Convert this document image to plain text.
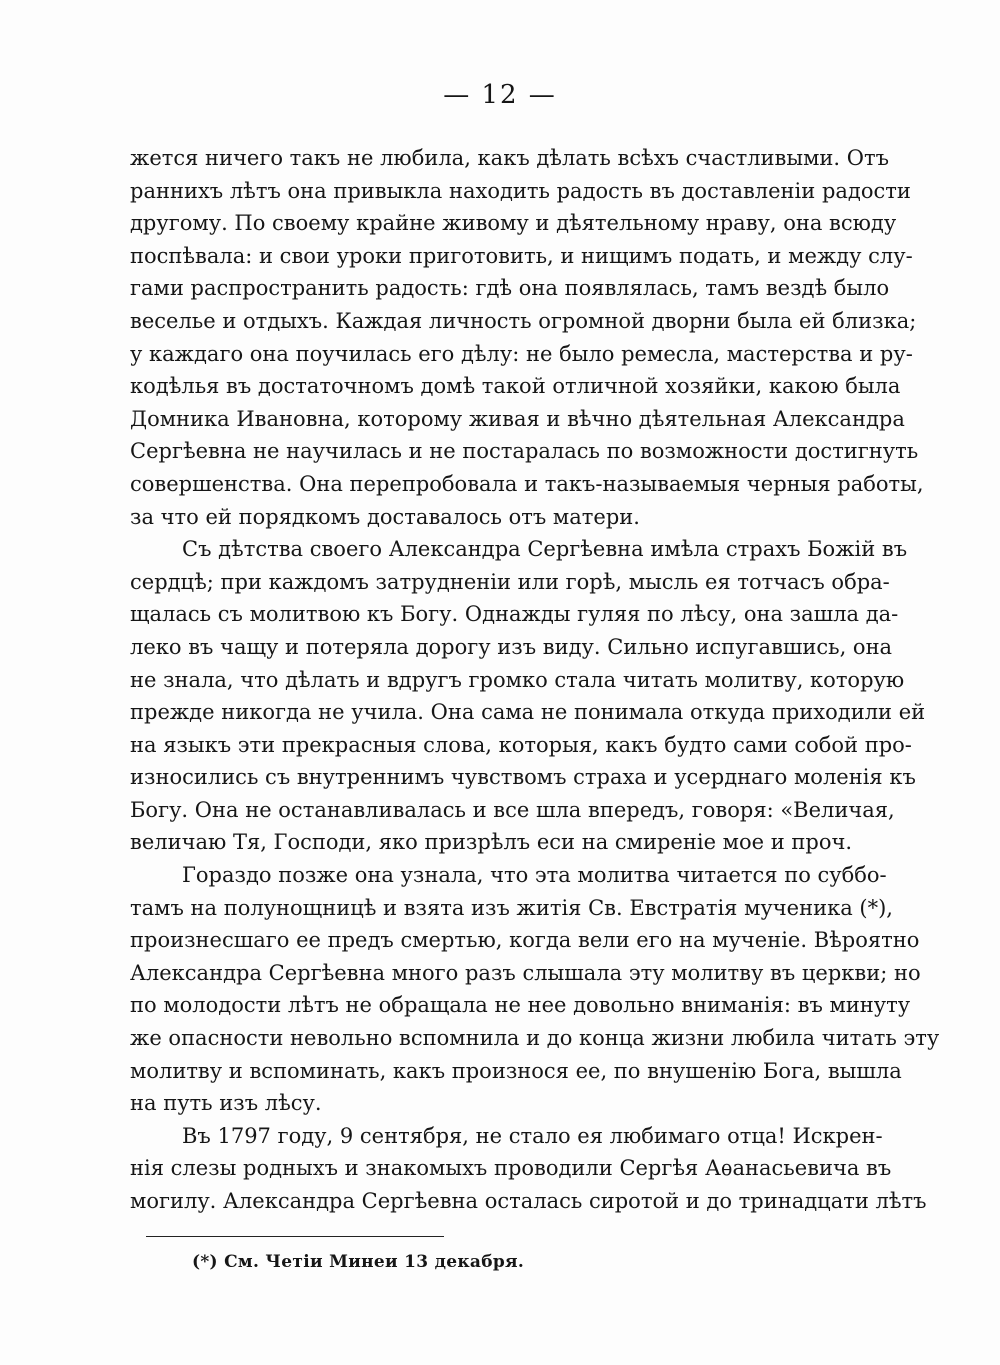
— 12 —
жется ничего такъ не любила, какъ дѣлать всѣхъ счастливыми. Отъ
раннихъ лѣтъ она привыкла находить радость въ доставленіи радости
другому. По своему крайне живому и дѣятельному нраву, она всюду
поспѣвала: и свои уроки приготовить, и нищимъ подать, и между слу-
гами распространить радость: гдѣ она появлялась, тамъ вездѣ было
веселье и отдыхъ. Каждая личность огромной дворни была ей близка;
у каждаго она поучилась его дѣлу: не было ремесла, мастерства и ру-
кодѣлья въ достаточномъ домѣ такой отличной хозяйки, какою была
Домника Ивановна, которому живая и вѣчно дѣятельная Александра
Сергѣевна не научилась и не постаралась по возможности достигнуть
совершенства. Она перепробовала и такъ-называемыя черныя работы,
за что ей порядкомъ доставалось отъ матери.
Съ дѣтства своего Александра Сергѣевна имѣла страхъ Божій въ
сердцѣ; при каждомъ затрудненіи или горѣ, мысль ея тотчасъ обра-
щалась съ молитвою къ Богу. Однажды гуляя по лѣсу, она зашла да-
леко въ чащу и потеряла дорогу изъ виду. Сильно испугавшись, она
не знала, что дѣлать и вдругъ громко стала читать молитву, которую
прежде никогда не учила. Она сама не понимала откуда приходили ей
на языкъ эти прекрасныя слова, которыя, какъ будто сами собой про-
износились съ внутреннимъ чувствомъ страха и усерднаго моленія къ
Богу. Она не останавливалась и все шла впередъ, говоря: «Величая,
величаю Тя, Господи, яко призрѣлъ еси на смиреніе мое и проч.
Гораздо позже она узнала, что эта молитва читается по суббо-
тамъ на полунощницѣ и взята изъ житія Св. Евстратія мученика (*),
произнесшаго ее предъ смертью, когда вели его на мученіе. Вѣроятно
Александра Сергѣевна много разъ слышала эту молитву въ церкви; но
по молодости лѣтъ не обращала не нее довольно вниманія: въ минуту
же опасности невольно вспомнила и до конца жизни любила читать эту
молитву и вспоминать, какъ произнося ее, по внушенію Бога, вышла
на путь изъ лѣсу.
Въ 1797 году, 9 сентября, не стало ея любимаго отца! Искрен-
нія слезы родныхъ и знакомыхъ проводили Сергѣя Аѳанасьевича въ
могилу. Александра Сергѣевна осталась сиротой и до тринадцати лѣтъ
(*) См. Четіи Минеи 13 декабря.
